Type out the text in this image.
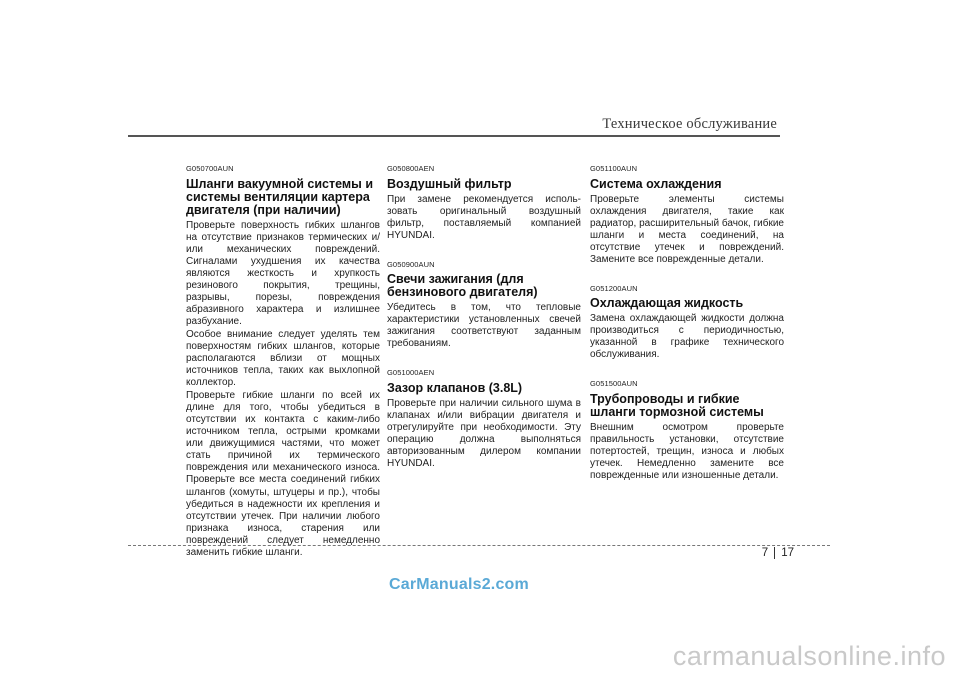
Техническое обслуживание
G050700AUN
Шланги вакуумной системы и системы вентиляции картера двигателя (при наличии)

Проверьте поверхность гибких шлангов на отсутствие признаков термических и/или механических повреждений. Сигналами ухудшения их качества являются жесткость и хрупкость резинового покрытия, трещины, разрывы, порезы, повреждения абразивного характера и излишнее разбухание.

Особое внимание следует уделять тем поверхностям гибких шлангов, которые располагаются вблизи от мощных источников тепла, таких как выхлопной коллектор.

Проверьте гибкие шланги по всей их длине для того, чтобы убедиться в отсутствии их контакта с каким-либо источником тепла, острыми кромками или движущимися частями, что может стать причиной их термического повреждения или механического износа. Проверьте все места соединений гибких шлангов (хомуты, штуцеры и пр.), чтобы убедиться в надежности их крепления и отсутствии утечек. При наличии любого признака износа, старения или повреждений следует немедленно заменить гибкие шланги.

G050800AEN
Воздушный фильтр

При замене рекомендуется исполь-зовать оригинальный воздушный фильтр, поставляемый компанией HYUNDAI.

G050900AUN
Свечи зажигания (для бензинового двигателя)

Убедитесь в том, что тепловые характеристики установленных свечей зажигания соответствуют заданным требованиям.

G051000AEN
Зазор клапанов (3.8L)

Проверьте при наличии сильного шума в клапанах и/или вибрации двигателя и отрегулируйте при необходимости. Эту операцию должна выполняться авторизованным дилером компании HYUNDAI.

G051100AUN
Система охлаждения

Проверьте элементы системы охлаждения двигателя, такие как радиатор, расширительный бачок, гибкие шланги и места соединений, на отсутствие утечек и повреждений. Замените все поврежденные детали.

G051200AUN
Охлаждающая жидкость

Замена охлаждающей жидкости должна производиться с периодичностью, указанной в графике технического обслуживания.

G051500AUN
Трубопроводы и гибкие шланги тормозной системы

Внешним осмотром проверьте правильность установки, отсутствие потертостей, трещин, износа и любых утечек. Немедленно замените все поврежденные или изношенные детали.

7 17
CarManuals2.com
carmanualsonline.info
